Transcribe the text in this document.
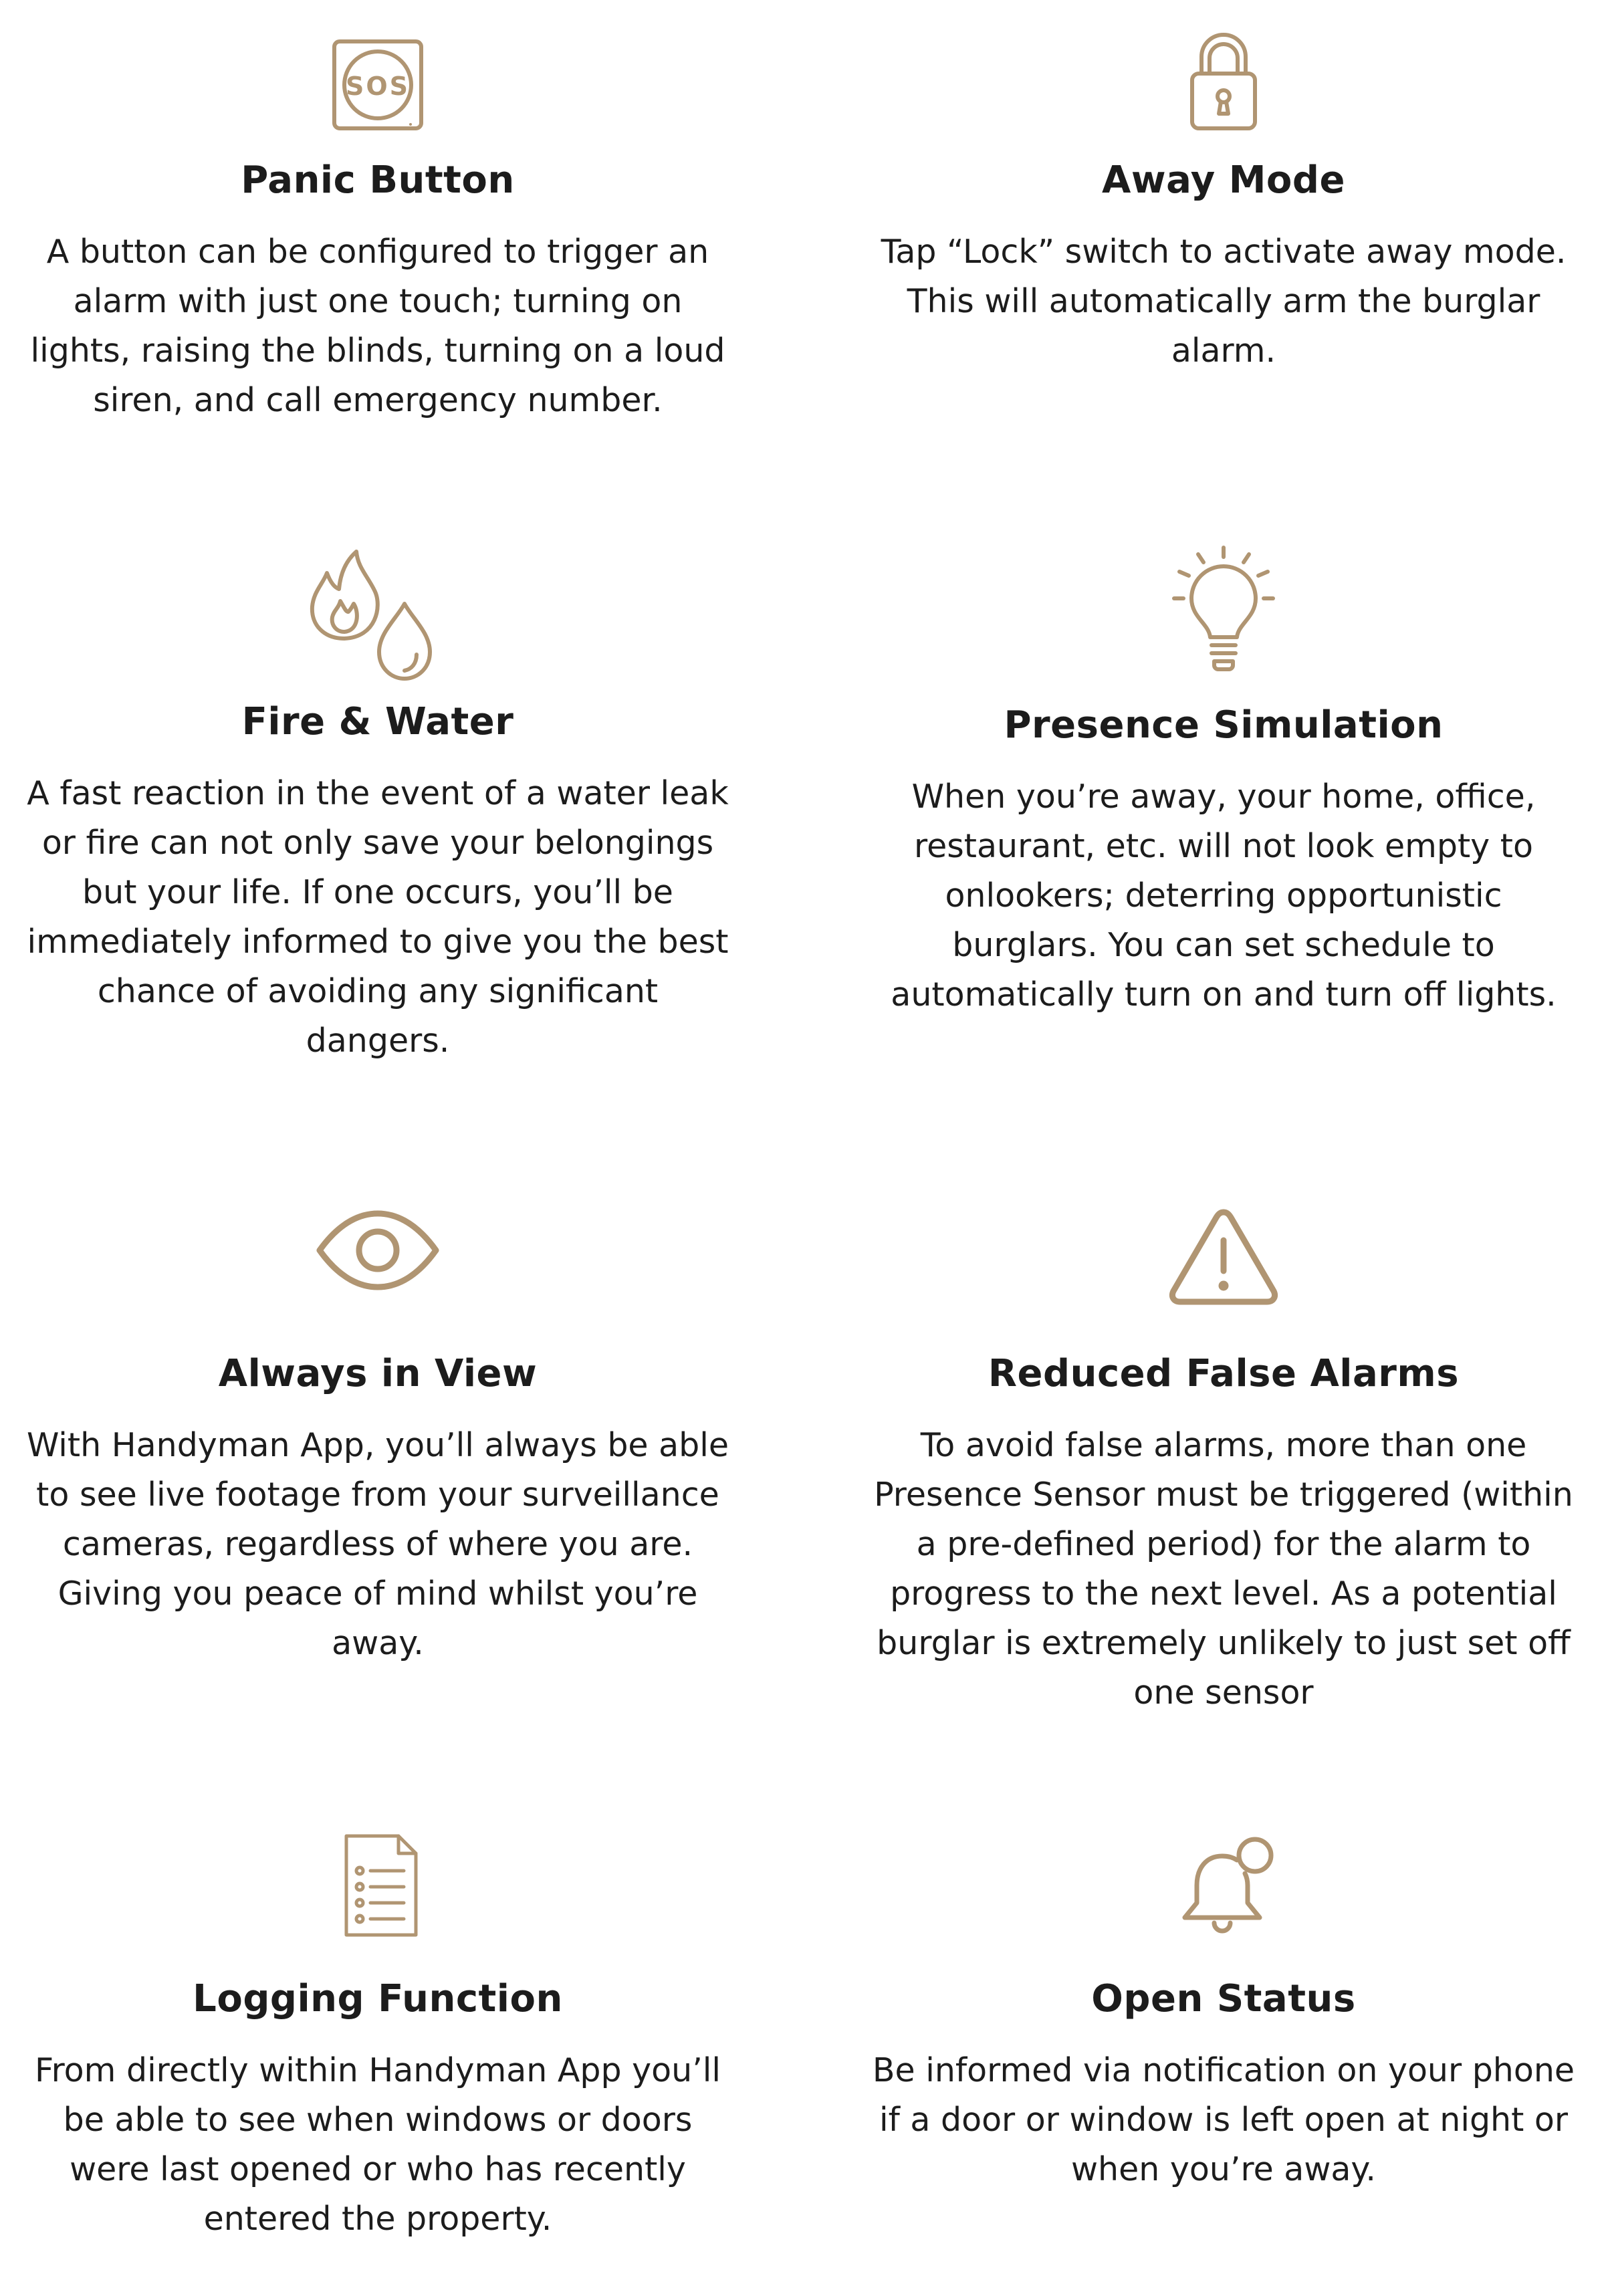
SOS
Panic Button

A button can be configured to trigger an alarm with just one touch; turning on lights, raising the blinds, turning on a loud siren, and call emergency number.

Away Mode

Tap “Lock” switch to activate away mode. This will automatically arm the burglar alarm.

Fire & Water

A fast reaction in the event of a water leak or fire can not only save your belongings but your life. If one occurs, you’ll be immediately informed to give you the best chance of avoiding any significant dangers.

Presence Simulation

When you’re away, your home, office, restaurant, etc. will not look empty to onlookers; deterring opportunistic burglars. You can set schedule to automatically turn on and turn off lights.

Always in View

With Handyman App, you’ll always be able to see live footage from your surveillance cameras, regardless of where you are. Giving you peace of mind whilst you’re away.

Reduced False Alarms

To avoid false alarms, more than one Presence Sensor must be triggered (within a pre-defined period) for the alarm to progress to the next level. As a potential burglar is extremely unlikely to just set off one sensor

Logging Function

From directly within Handyman App you’ll be able to see when windows or doors were last opened or who has recently entered the property.

Open Status

Be informed via notification on your phone if a door or window is left open at night or when you’re away.
